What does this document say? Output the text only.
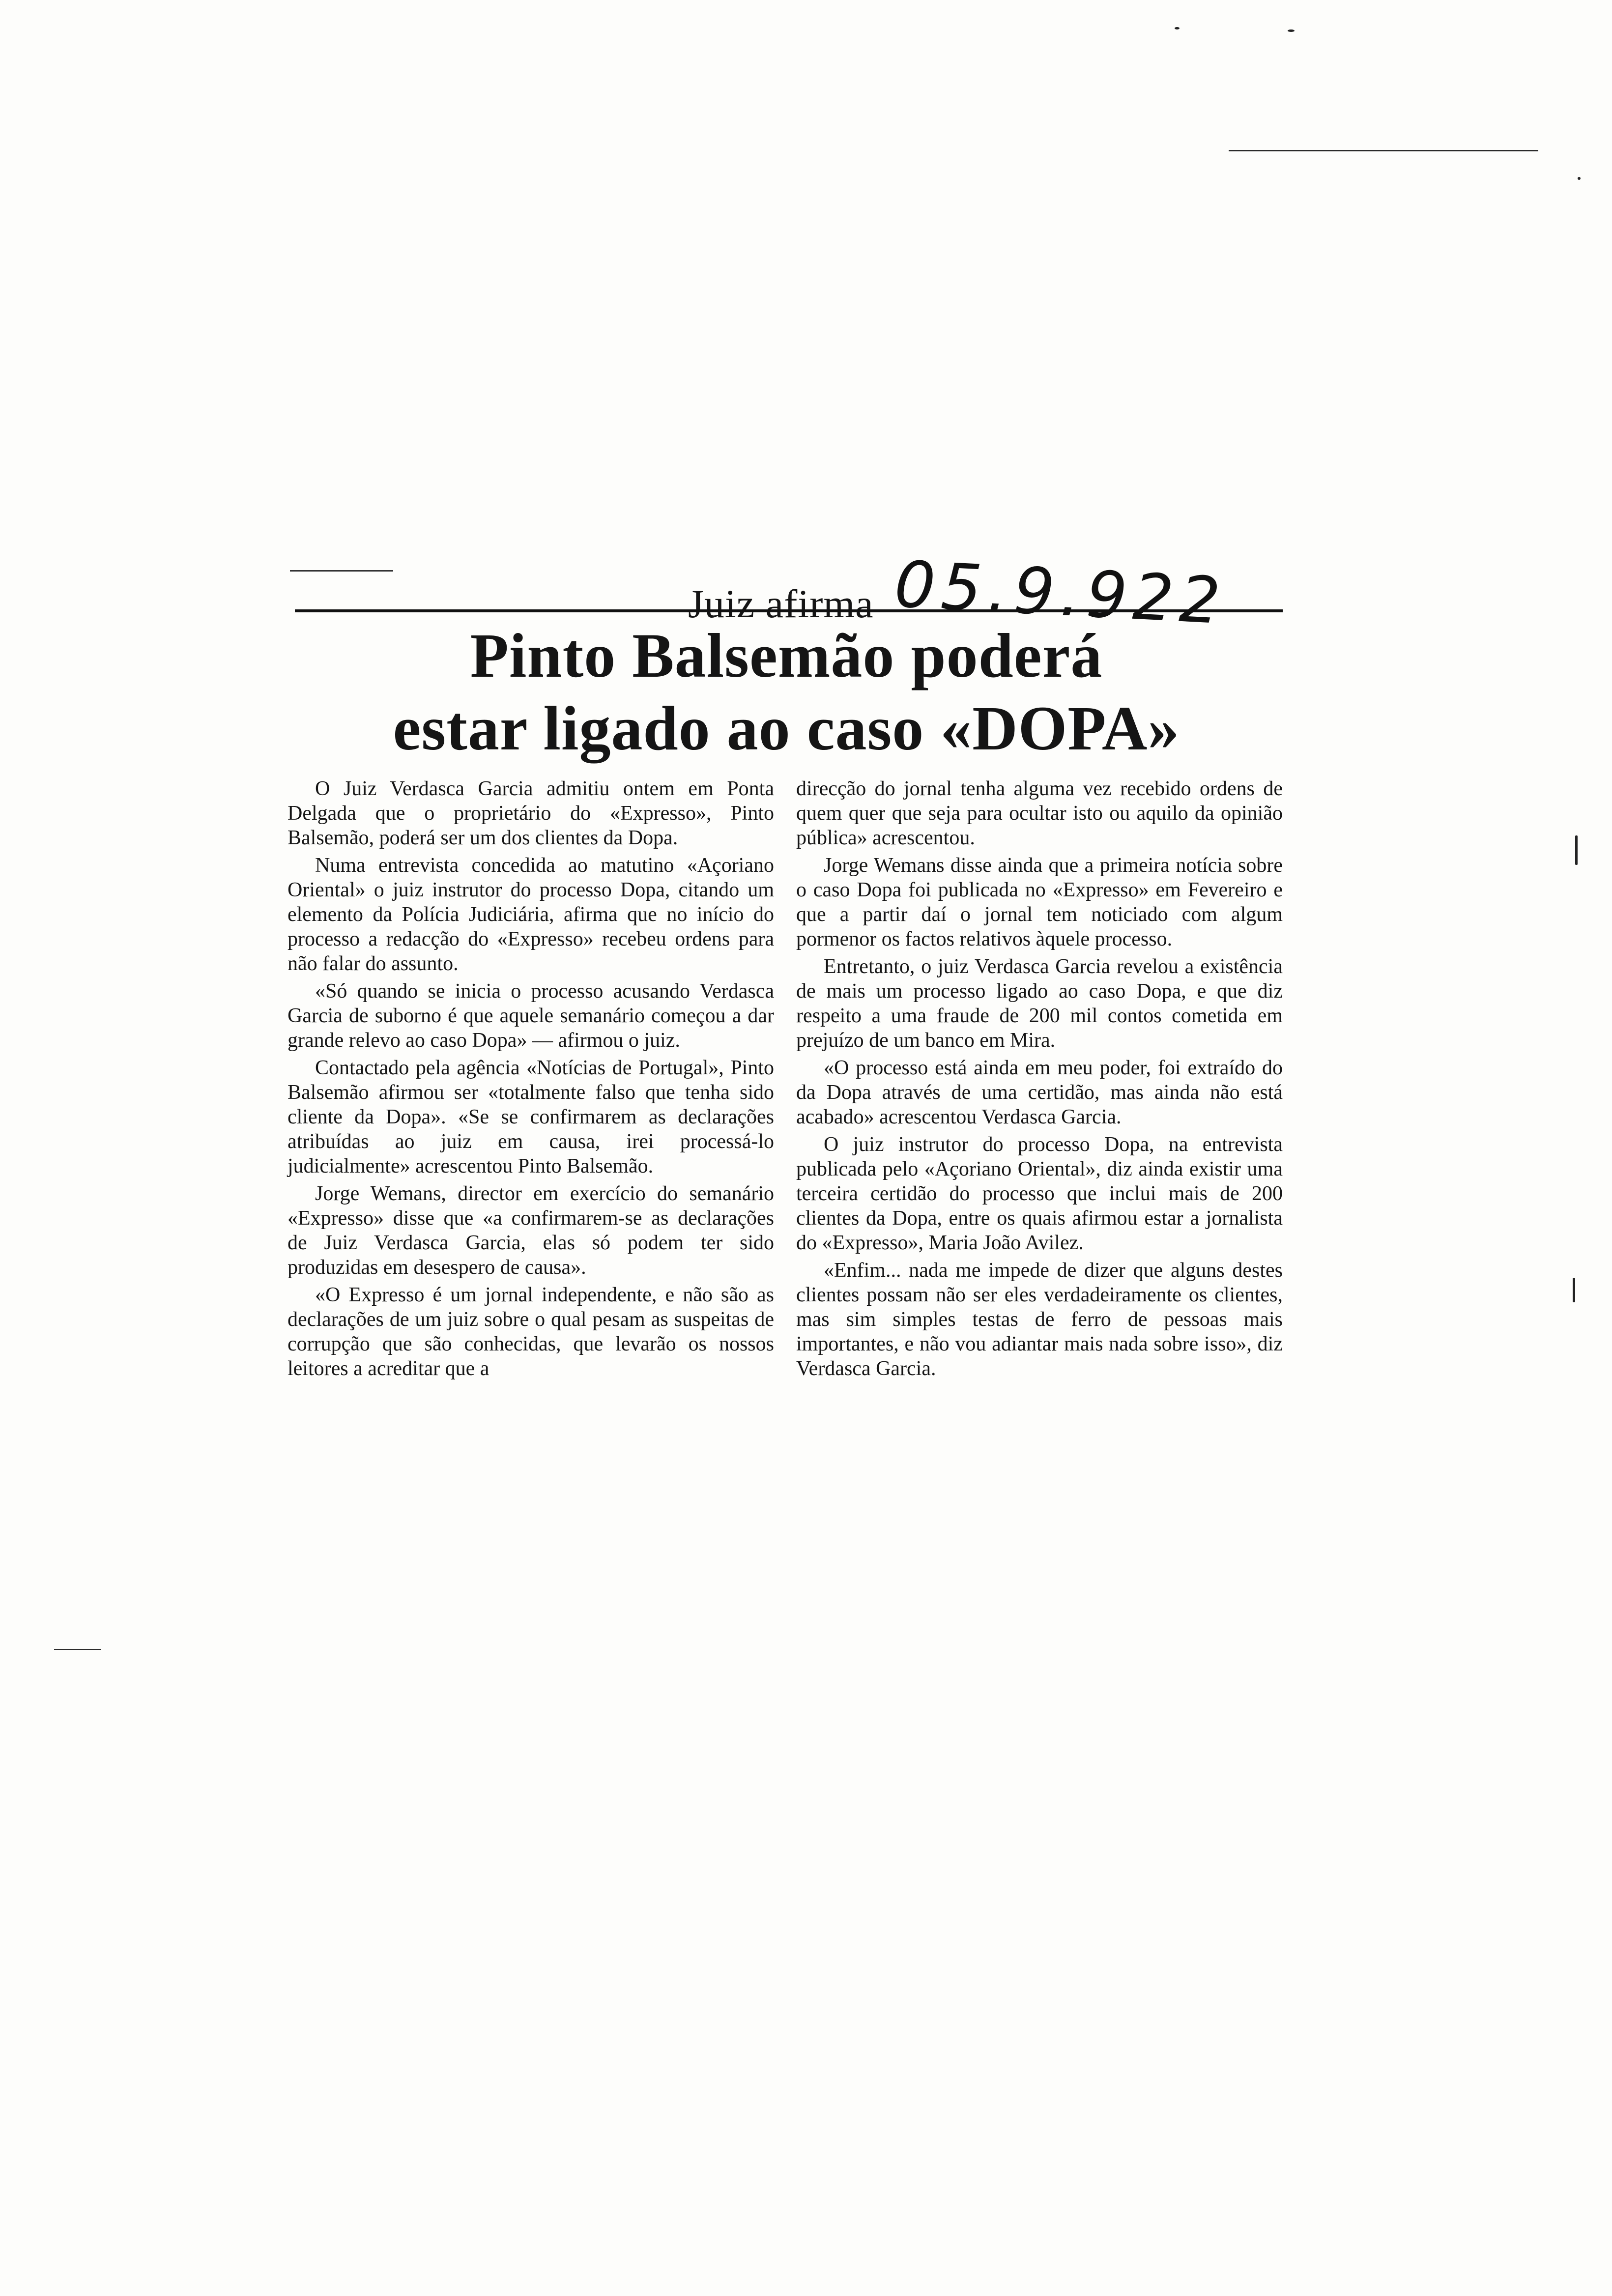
Juiz afirma 05.9.922
Pinto Balsemão poderá
estar ligado ao caso «DOPA»

O Juiz Verdasca Garcia admitiu ontem em Ponta Delgada que o proprietário do «Expresso», Pinto Balsemão, poderá ser um dos clientes da Dopa.

Numa entrevista concedida ao matutino «Açoriano Oriental» o juiz instrutor do processo Dopa, citando um elemento da Polícia Judiciária, afirma que no início do processo a redacção do «Expresso» recebeu ordens para não falar do assunto.

«Só quando se inicia o processo acusando Verdasca Garcia de suborno é que aquele semanário começou a dar grande relevo ao caso Dopa» — afirmou o juiz.

Contactado pela agência «Notícias de Portugal», Pinto Balsemão afirmou ser «totalmente falso que tenha sido cliente da Dopa». «Se se confirmarem as declarações atribuídas ao juiz em causa, irei processá-lo judicialmente» acrescentou Pinto Balsemão.

Jorge Wemans, director em exercício do semanário «Expresso» disse que «a confirmarem-se as declarações de Juiz Verdasca Garcia, elas só podem ter sido produzidas em desespero de causa».

«O Expresso é um jornal independente, e não são as declarações de um juiz sobre o qual pesam as suspeitas de corrupção que são conhecidas, que levarão os nossos leitores a acreditar que a

direcção do jornal tenha alguma vez recebido ordens de quem quer que seja para ocultar isto ou aquilo da opinião pública» acrescentou.

Jorge Wemans disse ainda que a primeira notícia sobre o caso Dopa foi publicada no «Expresso» em Fevereiro e que a partir daí o jornal tem noticiado com algum pormenor os factos relativos àquele processo.

Entretanto, o juiz Verdasca Garcia revelou a existência de mais um processo ligado ao caso Dopa, e que diz respeito a uma fraude de 200 mil contos cometida em prejuízo de um banco em Mira.

«O processo está ainda em meu poder, foi extraído do da Dopa através de uma certidão, mas ainda não está acabado» acrescentou Verdasca Garcia.

O juiz instrutor do processo Dopa, na entrevista publicada pelo «Açoriano Oriental», diz ainda existir uma terceira certidão do processo que inclui mais de 200 clientes da Dopa, entre os quais afirmou estar a jornalista do «Expresso», Maria João Avilez.

«Enfim... nada me impede de dizer que alguns destes clientes possam não ser eles verdadeiramente os clientes, mas sim simples testas de ferro de pessoas mais importantes, e não vou adiantar mais nada sobre isso», diz Verdasca Garcia.
